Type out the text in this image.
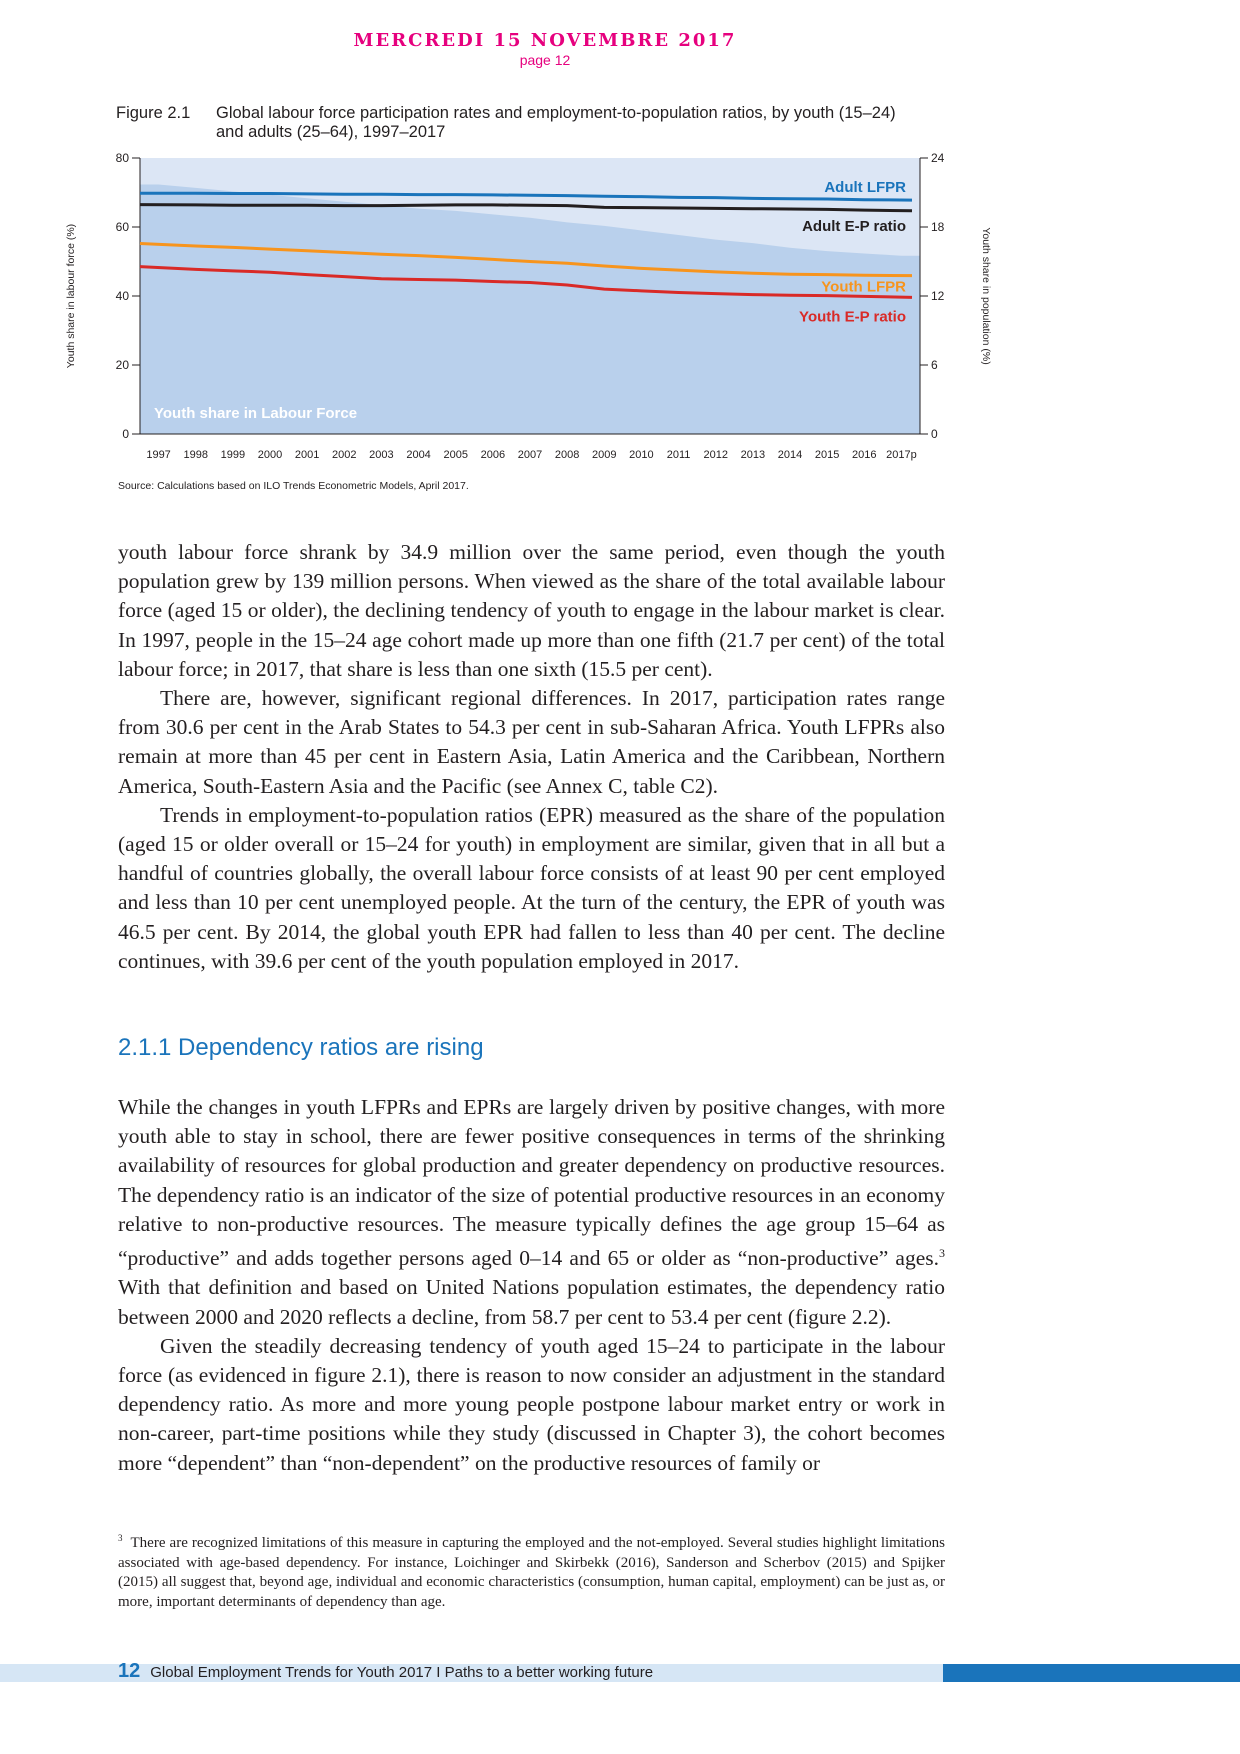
MERCREDI 15 NOVEMBRE 2017
page 12
Figure 2.1 Global labour force participation rates and employment-to-population ratios, by youth (15–24) and adults (25–64), 1997–2017
Youth share in Labour Force
0
20
40
60
80
0
6
12
18
24
Youth share in labour force (%)	Youth share in population (%)
1997 1998 1999 2000 2001 2002 2003 2004 2005 2006 2007 2008 2009 2010 2011 2012 2013 2014 2015 2016 2017p
Adult LFPR
Adult E-P ratio
Youth LFPR
Youth E-P ratio
Source: Calculations based on ILO Trends Econometric Models, April 2017.

youth labour force shrank by 34.9 million over the same period, even though the youth population grew by 139 million persons. When viewed as the share of the total available labour force (aged 15 or older), the declining tendency of youth to engage in the labour market is clear. In 1997, people in the 15–24 age cohort made up more than one fifth (21.7 per cent) of the total labour force; in 2017, that share is less than one sixth (15.5 per cent).

There are, however, significant regional differences. In 2017, participation rates range from 30.6 per cent in the Arab States to 54.3 per cent in sub-Saharan Africa. Youth LFPRs also remain at more than 45 per cent in Eastern Asia, Latin America and the Caribbean, Northern America, South-Eastern Asia and the Pacific (see Annex C, table C2).

Trends in employment-to-population ratios (EPR) measured as the share of the population (aged 15 or older overall or 15–24 for youth) in employment are similar, given that in all but a handful of countries globally, the overall labour force consists of at least 90 per cent employed and less than 10 per cent unemployed people. At the turn of the century, the EPR of youth was 46.5 per cent. By 2014, the global youth EPR had fallen to less than 40 per cent. The decline continues, with 39.6 per cent of the youth population employed in 2017.

2.1.1 Dependency ratios are rising

While the changes in youth LFPRs and EPRs are largely driven by positive changes, with more youth able to stay in school, there are fewer positive consequences in terms of the shrinking availability of resources for global production and greater dependency on productive resources. The dependency ratio is an indicator of the size of potential productive resources in an economy relative to non-productive resources. The measure typically defines the age group 15–64 as “productive” and adds together persons aged 0–14 and 65 or older as “non-productive” ages.$^3$ With that definition and based on United Nations population estimates, the dependency ratio between 2000 and 2020 reflects a decline, from 58.7 per cent to 53.4 per cent (figure 2.2).

Given the steadily decreasing tendency of youth aged 15–24 to participate in the labour force (as evidenced in figure 2.1), there is reason to now consider an adjustment in the standard dependency ratio. As more and more young people postpone labour market entry or work in non-career, part-time positions while they study (discussed in Chapter 3), the cohort becomes more “dependent” than “non-dependent” on the productive resources of family or

$^3$ There are recognized limitations of this measure in capturing the employed and the not-employed. Several studies highlight limitations associated with age-based dependency. For instance, Loichinger and Skirbekk (2016), Sanderson and Scherbov (2015) and Spijker (2015) all suggest that, beyond age, individual and economic characteristics (consumption, human capital, employment) can be just as, or more, important determinants of dependency than age.
12 Global Employment Trends for Youth 2017 I Paths to a better working future
